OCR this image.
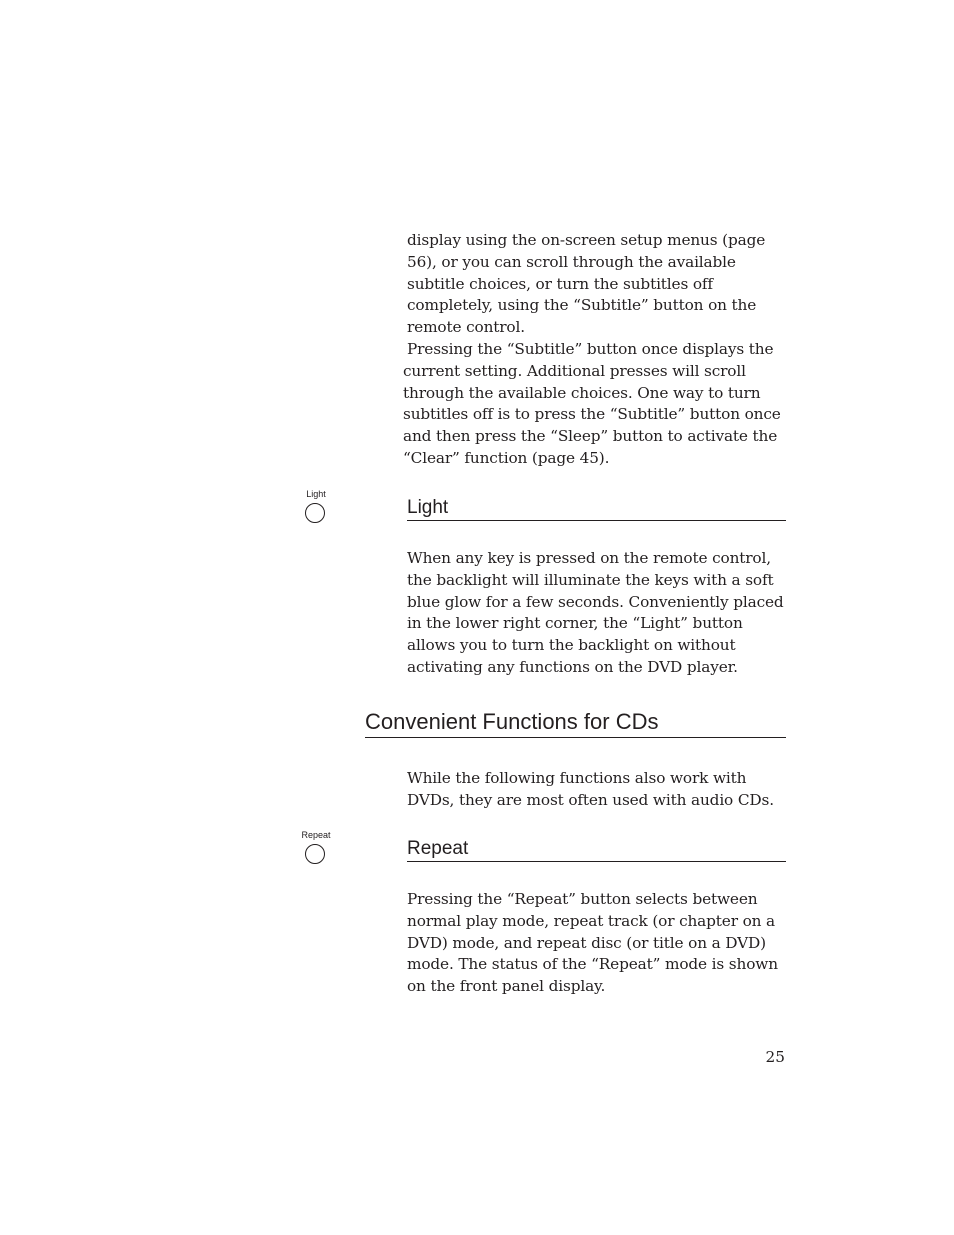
display using the on-screen setup menus (page 56), or you can scroll through the available subtitle choices, or turn the subtitles off completely, using the “Subtitle” button on the remote control.

Pressing the “Subtitle” button once displays the current setting. Additional presses will scroll through the available choices. One way to turn subtitles off is to press the “Subtitle” button once and then press the “Sleep” button to activate the “Clear” function (page 45).

Light
Light

When any key is pressed on the remote control, the backlight will illuminate the keys with a soft blue glow for a few seconds. Conveniently placed in the lower right corner, the “Light” button allows you to turn the backlight on without activating any functions on the DVD player.

Convenient Functions for CDs

While the following functions also work with DVDs, they are most often used with audio CDs.

Repeat
Repeat

Pressing the “Repeat” button selects between normal play mode, repeat track (or chapter on a DVD) mode, and repeat disc (or title on a DVD) mode. The status of the “Repeat” mode is shown on the front panel display.

25
